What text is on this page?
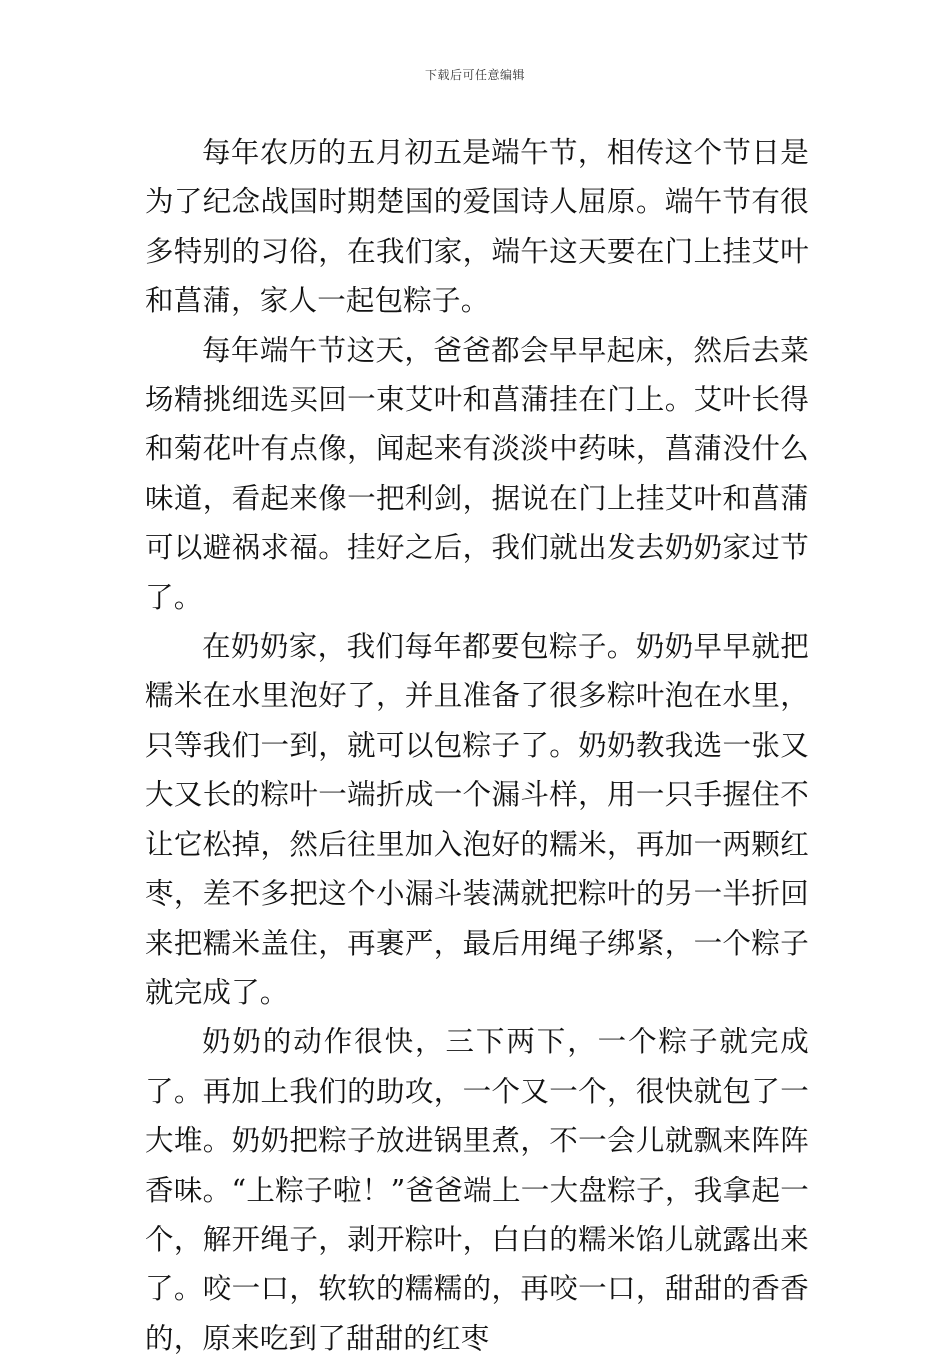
下载后可任意编辑

每年农历的五月初五是端午节，相传这个节日是为了纪念战国时期楚国的爱国诗人屈原。端午节有很多特别的习俗，在我们家，端午这天要在门上挂艾叶和菖蒲，家人一起包粽子。

每年端午节这天，爸爸都会早早起床，然后去菜场精挑细选买回一束艾叶和菖蒲挂在门上。艾叶长得和菊花叶有点像，闻起来有淡淡中药味，菖蒲没什么味道，看起来像一把利剑，据说在门上挂艾叶和菖蒲可以避祸求福。挂好之后，我们就出发去奶奶家过节了。

在奶奶家，我们每年都要包粽子。奶奶早早就把糯米在水里泡好了，并且准备了很多粽叶泡在水里，只等我们一到，就可以包粽子了。奶奶教我选一张又大又长的粽叶一端折成一个漏斗样，用一只手握住不让它松掉，然后往里加入泡好的糯米，再加一两颗红枣，差不多把这个小漏斗装满就把粽叶的另一半折回来把糯米盖住，再裹严，最后用绳子绑紧，一个粽子就完成了。

奶奶的动作很快，三下两下，一个粽子就完成了。再加上我们的助攻，一个又一个，很快就包了一大堆。奶奶把粽子放进锅里煮，不一会儿就飘来阵阵香味。“上粽子啦！”爸爸端上一大盘粽子，我拿起一个，解开绳子，剥开粽叶，白白的糯米馅儿就露出来了。咬一口，软软的糯糯的，再咬一口，甜甜的香香的，原来吃到了甜甜的红枣
